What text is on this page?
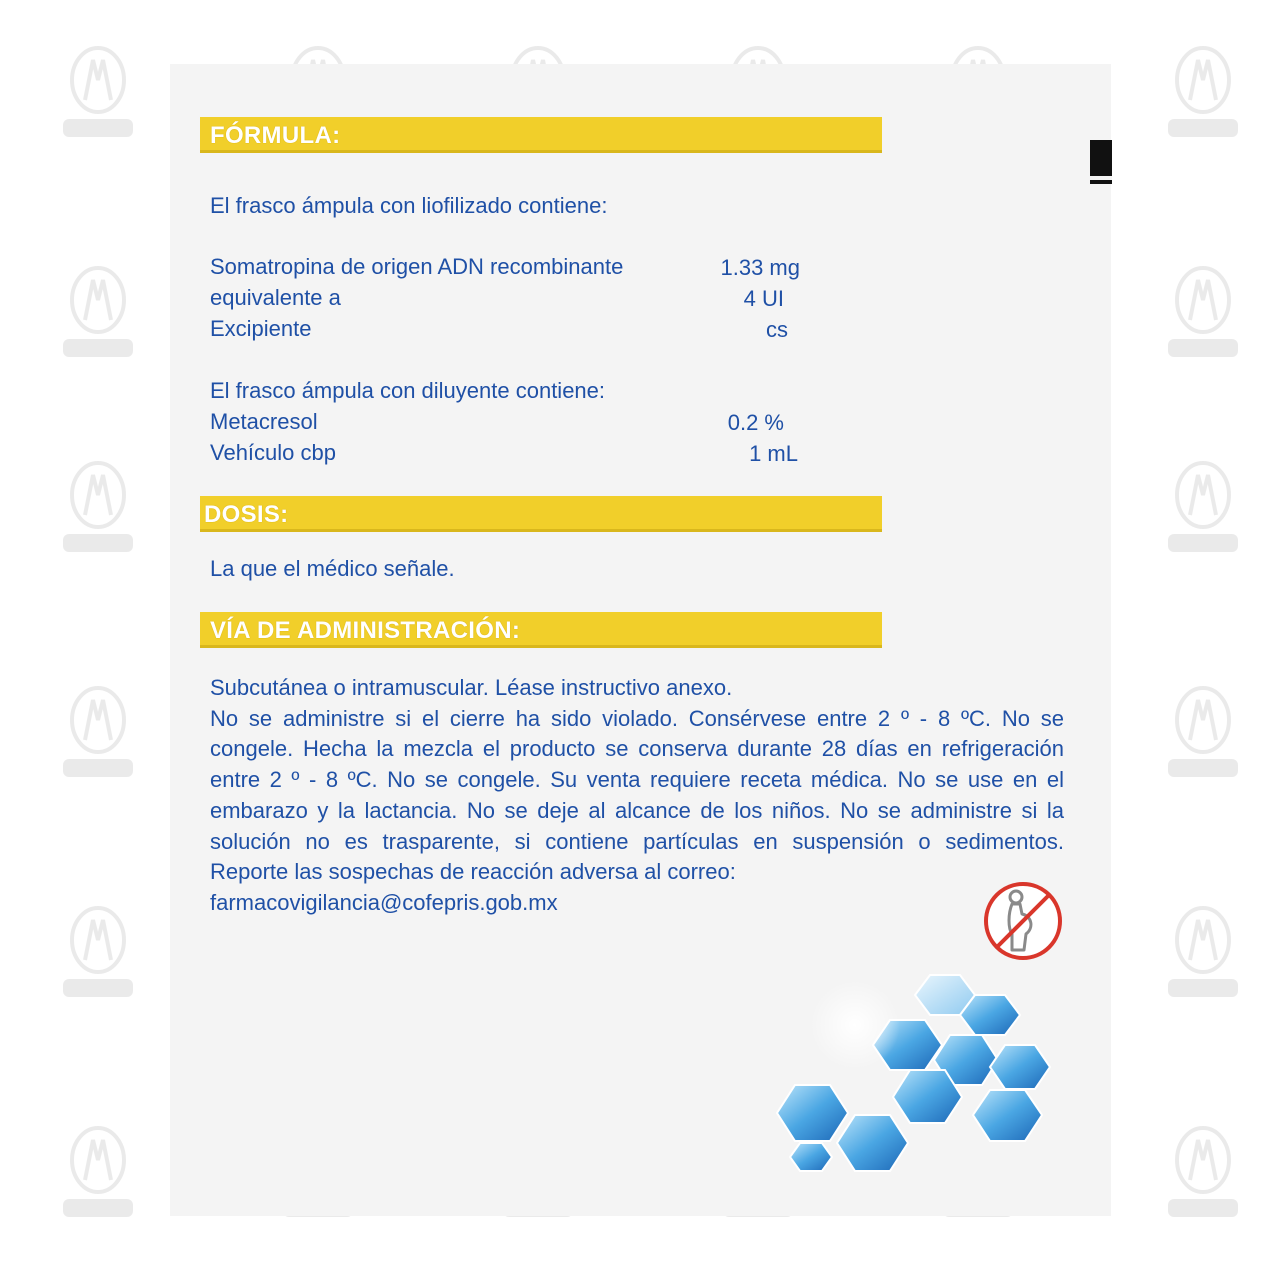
FÓRMULA:
El frasco ámpula con liofilizado contiene:
Somatropina de origen ADN recombinante	1.33 mg
equivalente a	4 UI
Excipiente	cs
El frasco ámpula con diluyente contiene:
Metacresol	0.2 %
Vehículo cbp	1 mL
DOSIS:
La que el médico señale.
VÍA DE ADMINISTRACIÓN:
Subcutánea o intramuscular. Léase instructivo anexo.
No se administre si el cierre ha sido violado. Consérvese entre 2 º - 8 ºC. No se
congele. Hecha la mezcla el producto se conserva durante 28 días en refrigeración
entre 2 º - 8 ºC. No se congele. Su venta requiere receta médica. No se use en el
embarazo y la lactancia. No se deje al alcance de los niños. No se administre si la
solución no es trasparente, si contiene partículas en suspensión o sedimentos.
Reporte las sospechas de reacción adversa al correo:
farmacovigilancia@cofepris.gob.mx
